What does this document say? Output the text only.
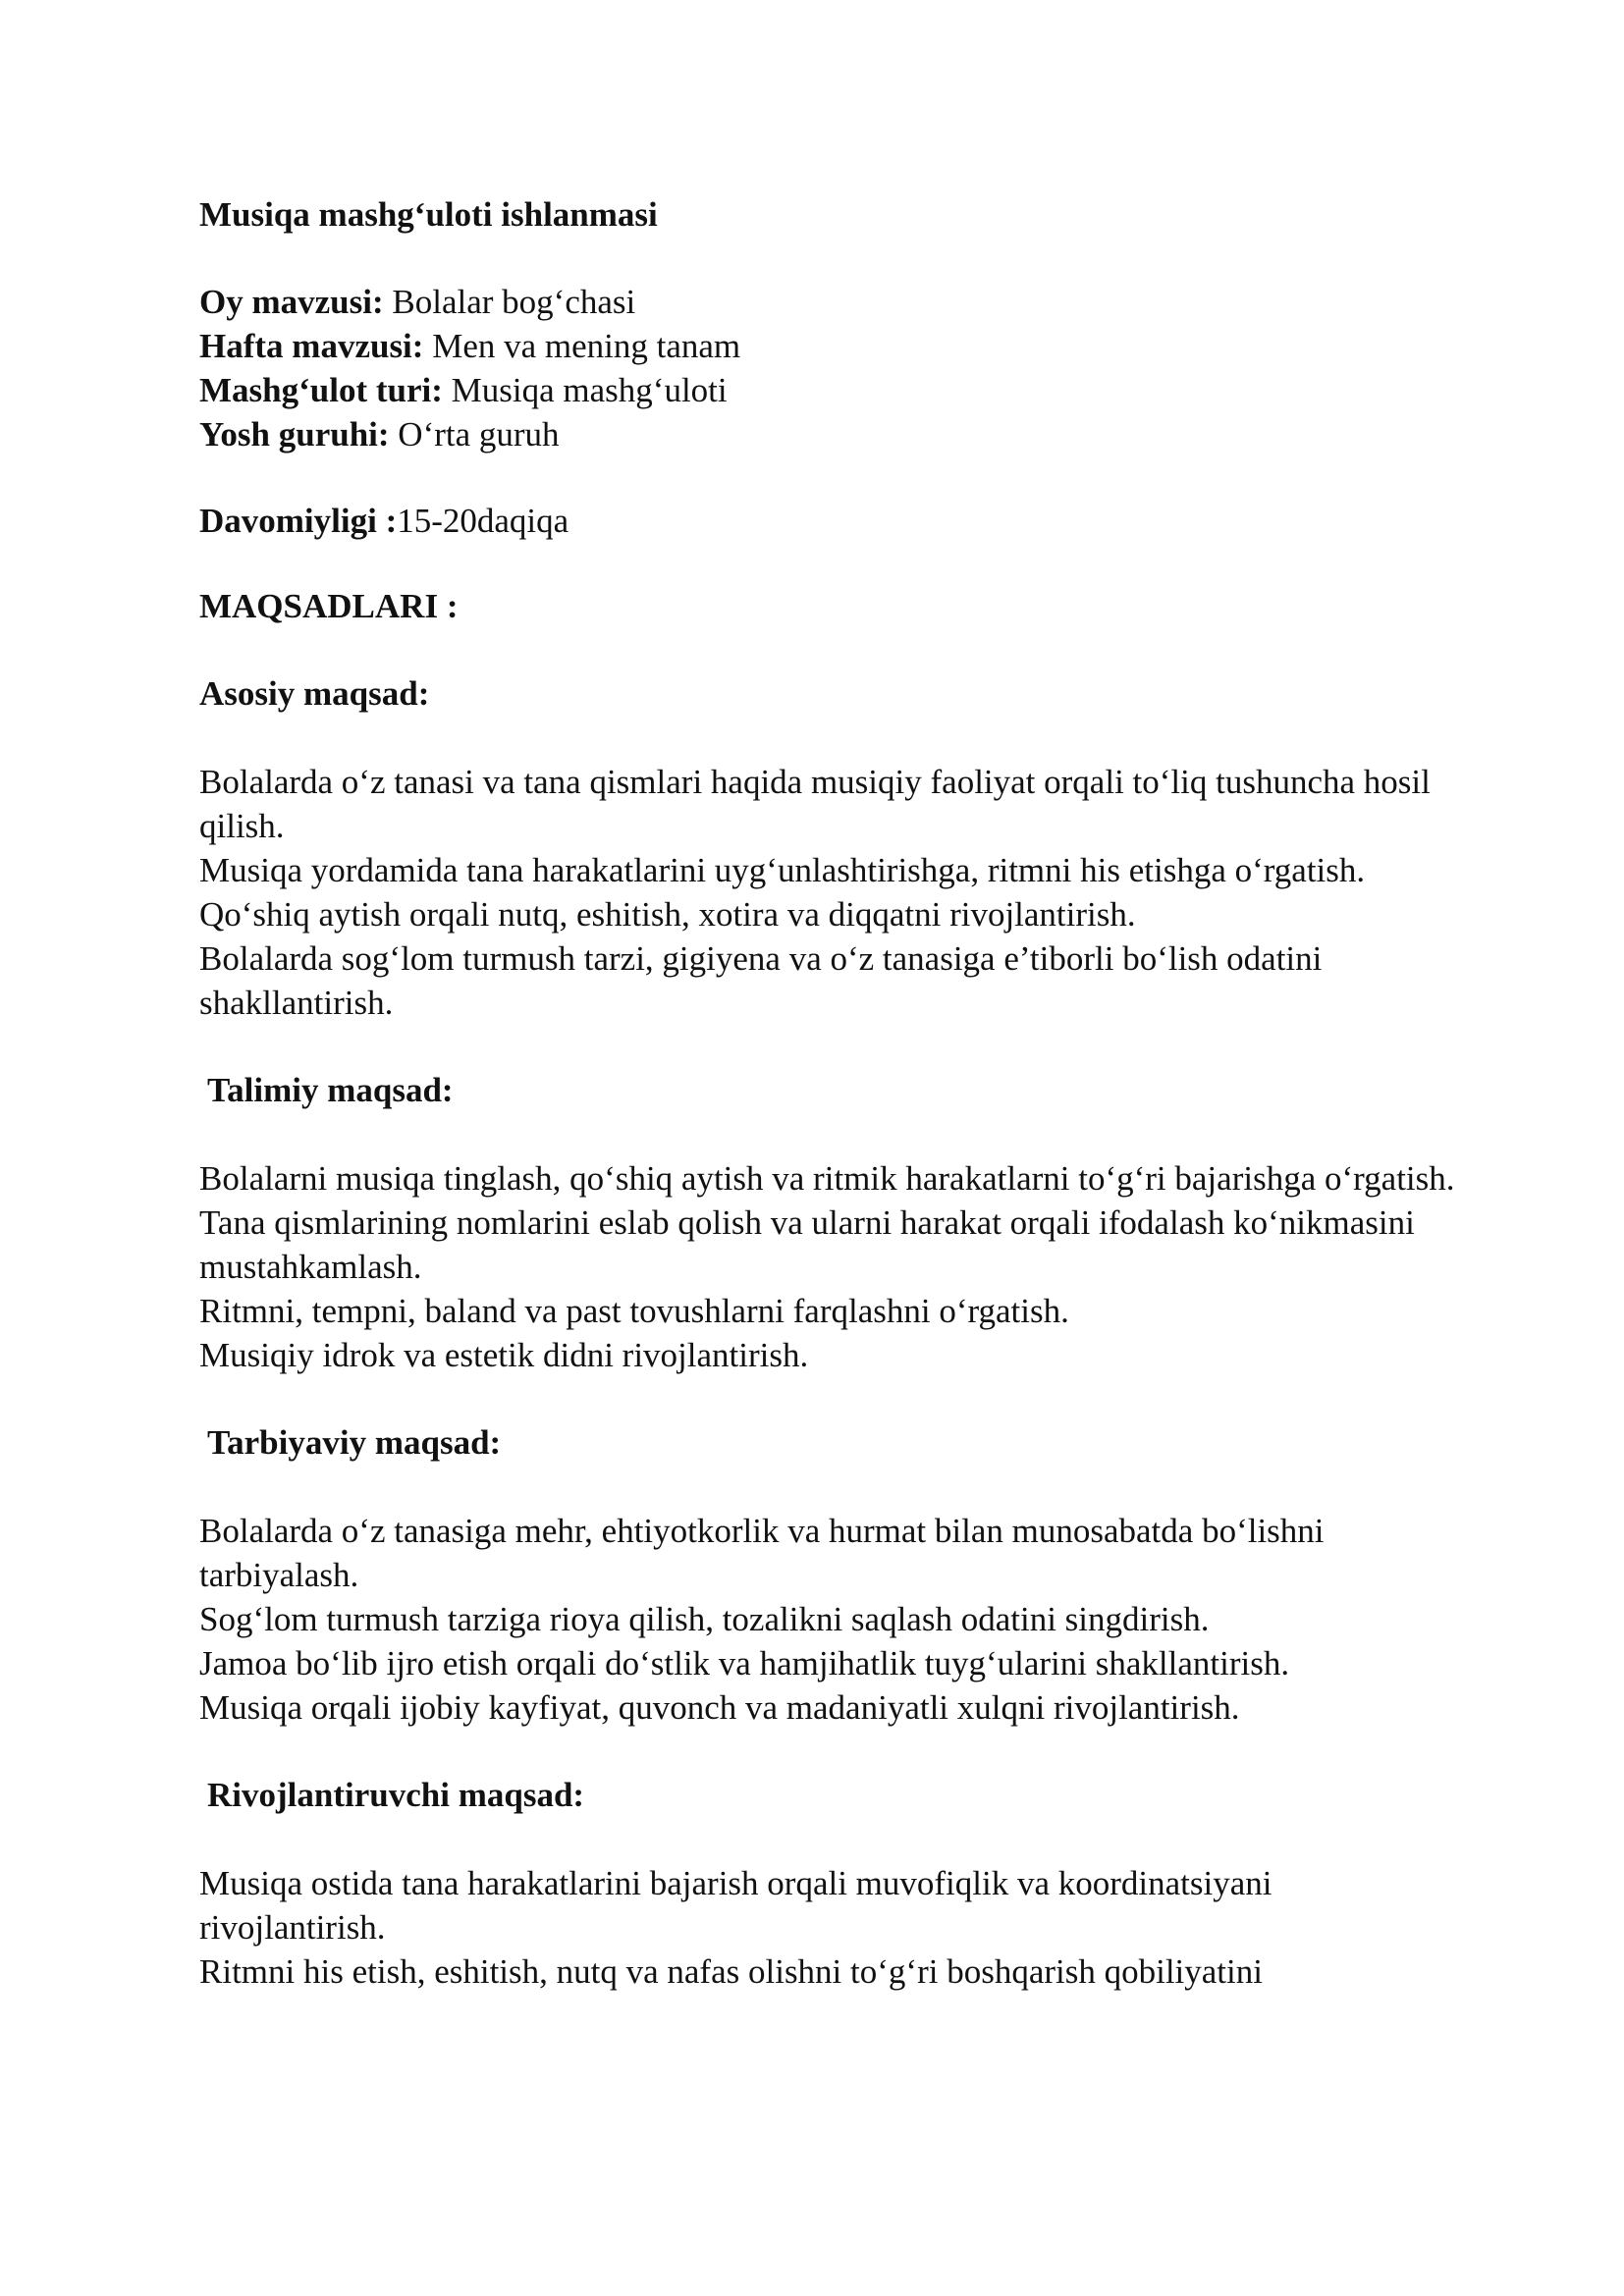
Musiqa mashg‘uloti ishlanmasi

Oy mavzusi: Bolalar bog‘chasi

Hafta mavzusi: Men va mening tanam

Mashg‘ulot turi: Musiqa mashg‘uloti

Yosh guruhi: O‘rta guruh

Davomiyligi :15-20daqiqa

MAQSADLARI :

Asosiy maqsad:

Bolalarda o‘z tanasi va tana qismlari haqida musiqiy faoliyat orqali to‘liq tushuncha hosil qilish.

Musiqa yordamida tana harakatlarini uyg‘unlashtirishga, ritmni his etishga o‘rgatish.

Qo‘shiq aytish orqali nutq, eshitish, xotira va diqqatni rivojlantirish.

Bolalarda sog‘lom turmush tarzi, gigiyena va o‘z tanasiga e’tiborli bo‘lish odatini shakllantirish.

Talimiy maqsad:

Bolalarni musiqa tinglash, qo‘shiq aytish va ritmik harakatlarni to‘g‘ri bajarishga o‘rgatish.

Tana qismlarining nomlarini eslab qolish va ularni harakat orqali ifodalash ko‘nikmasini mustahkamlash.

Ritmni, tempni, baland va past tovushlarni farqlashni o‘rgatish.

Musiqiy idrok va estetik didni rivojlantirish.

Tarbiyaviy maqsad:

Bolalarda o‘z tanasiga mehr, ehtiyotkorlik va hurmat bilan munosabatda bo‘lishni tarbiyalash.

Sog‘lom turmush tarziga rioya qilish, tozalikni saqlash odatini singdirish.

Jamoa bo‘lib ijro etish orqali do‘stlik va hamjihatlik tuyg‘ularini shakllantirish.

Musiqa orqali ijobiy kayfiyat, quvonch va madaniyatli xulqni rivojlantirish.

Rivojlantiruvchi maqsad:

Musiqa ostida tana harakatlarini bajarish orqali muvofiqlik va koordinatsiyani rivojlantirish.

Ritmni his etish, eshitish, nutq va nafas olishni to‘g‘ri boshqarish qobiliyatini
